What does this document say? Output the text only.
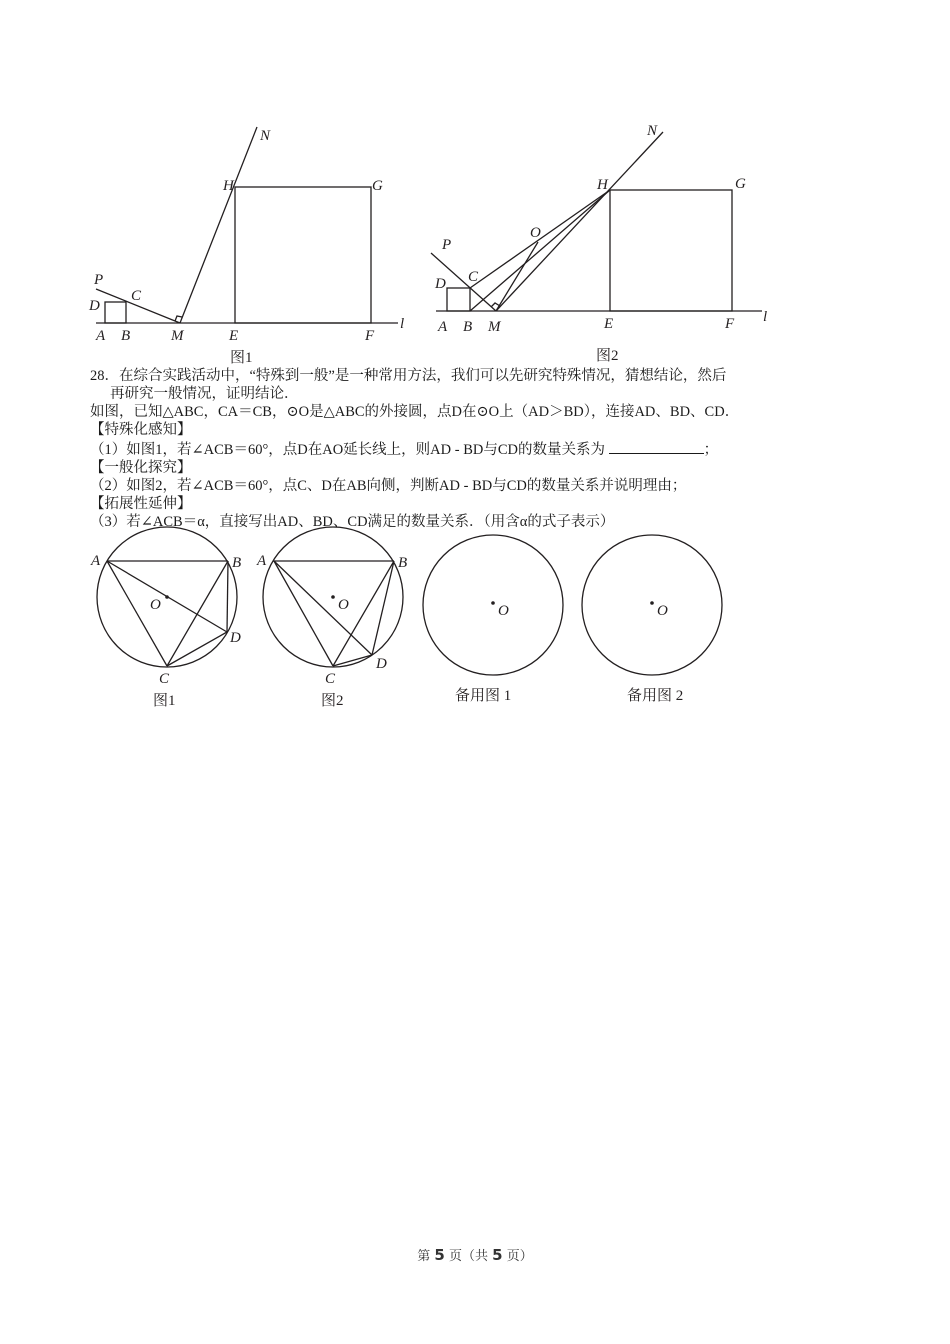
N
H	G
P
C
D
A B	M	E	F
l
图1
N
H	G
O
P
C
D
A B M	E	F l
图2
28．在综合实践活动中，“特殊到一般”是一种常用方法，我们可以先研究特殊情况，猜想结论，然后
再研究一般情况，证明结论．
如图，已知△ABC，CA＝CB，⊙O是△ABC的外接圆，点D在⊙O上（AD＞BD），连接AD、BD、CD．
【特殊化感知】
（1）如图1，若∠ACB＝60°，点D在AO延长线上，则AD - BD与CD的数量关系为	；
【一般化探究】
（2）如图2，若∠ACB＝60°，点C、D在AB向侧，判断AD - BD与CD的数量关系并说明理由；
【拓展性延伸】
（3）若∠ACB＝α，直接写出AD、BD、CD满足的数量关系．（用含α的式子表示）
A	B
O
D
C
图1
A	B
O
D
C
图2
O
备用图 1
O
备用图 2
第 5 页（共 5 页）
